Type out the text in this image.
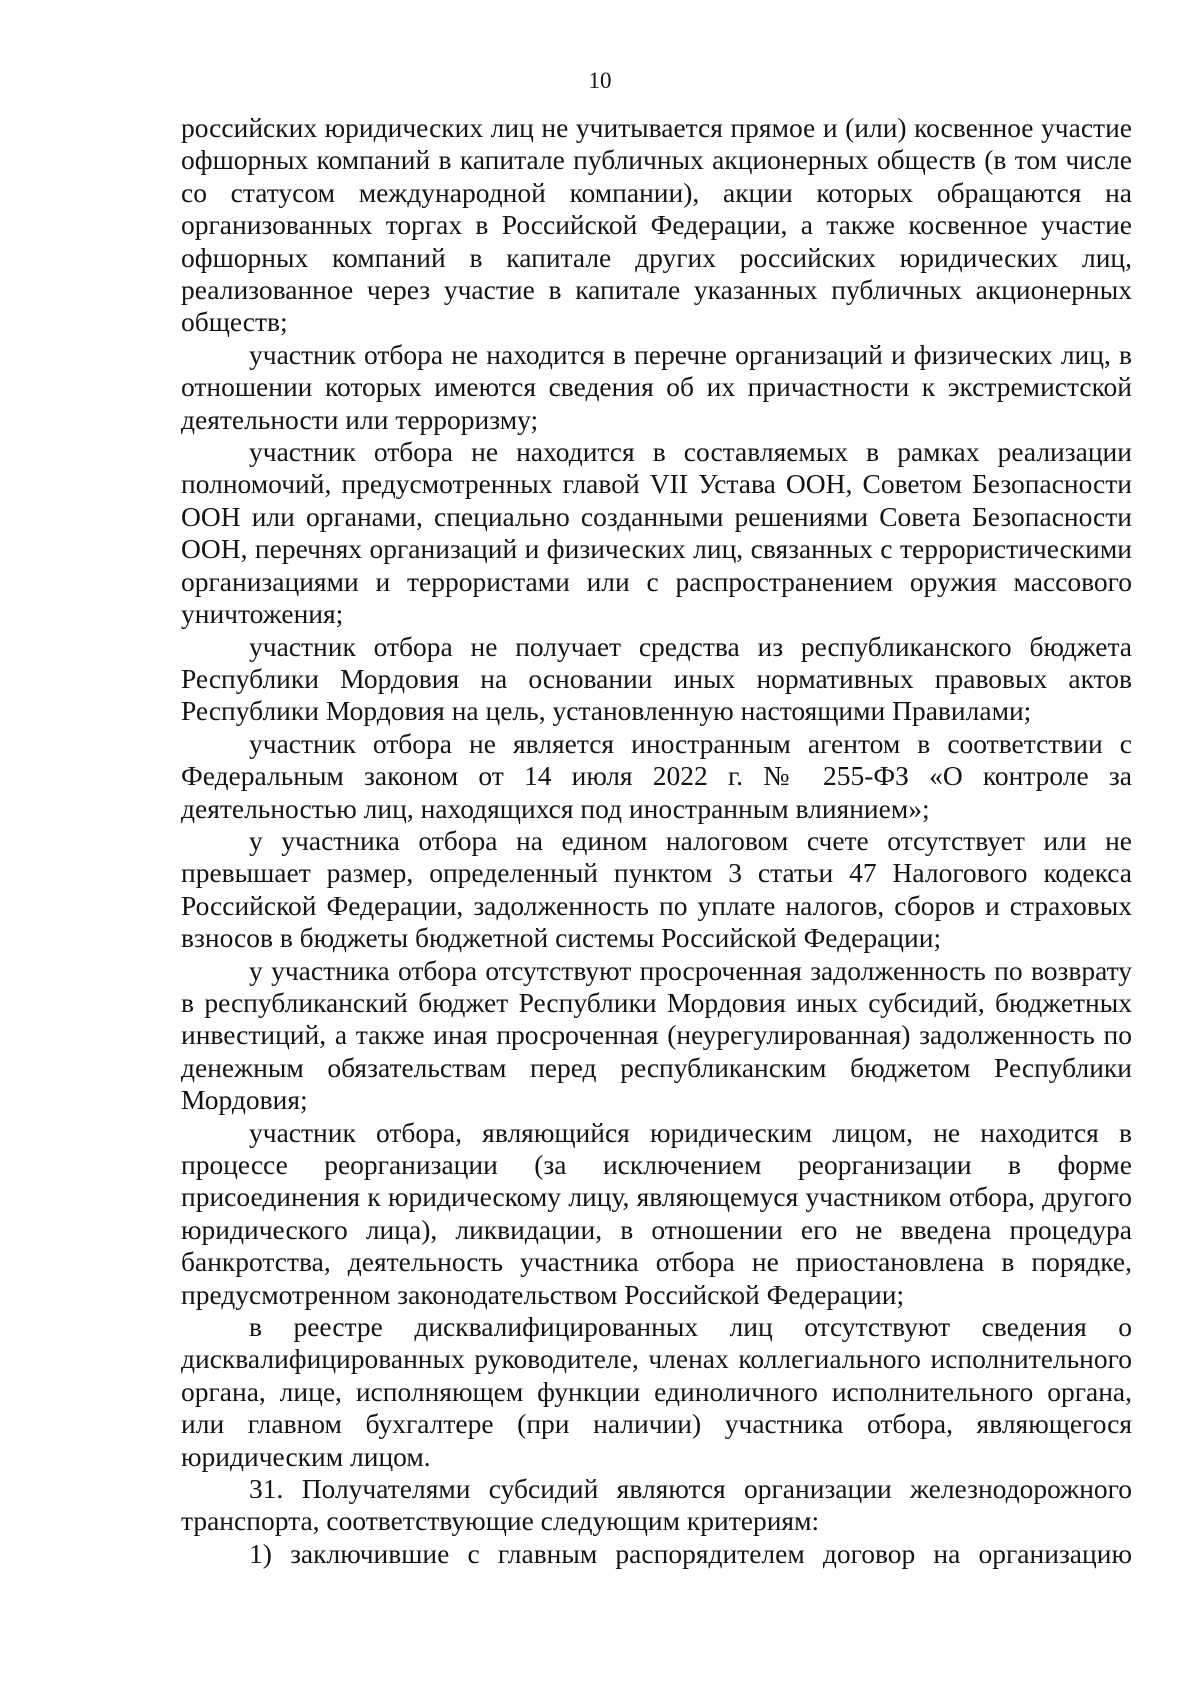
10

российских юридических лиц не учитывается прямое и (или) косвенное участие офшорных компаний в капитале публичных акционерных обществ (в том числе со статусом международной компании), акции которых обращаются на организованных торгах в Российской Федерации, а также косвенное участие офшорных компаний в капитале других российских юридических лиц, реализованное через участие в капитале указанных публичных акционерных обществ;

участник отбора не находится в перечне организаций и физических лиц, в отношении которых имеются сведения об их причастности к экстремистской деятельности или терроризму;

участник отбора не находится в составляемых в рамках реализации полномочий, предусмотренных главой VII Устава ООН, Советом Безопасности ООН или органами, специально созданными решениями Совета Безопасности ООН, перечнях организаций и физических лиц, связанных с террористическими организациями и террористами или с распространением оружия массового уничтожения;

участник отбора не получает средства из республиканского бюджета Республики Мордовия на основании иных нормативных правовых актов Республики Мордовия на цель, установленную настоящими Правилами;

участник отбора не является иностранным агентом в соответствии с Федеральным законом от 14 июля 2022 г. № 255-ФЗ «О контроле за деятельностью лиц, находящихся под иностранным влиянием»;

у участника отбора на едином налоговом счете отсутствует или не превышает размер, определенный пунктом 3 статьи 47 Налогового кодекса Российской Федерации, задолженность по уплате налогов, сборов и страховых взносов в бюджеты бюджетной системы Российской Федерации;

у участника отбора отсутствуют просроченная задолженность по возврату в республиканский бюджет Республики Мордовия иных субсидий, бюджетных инвестиций, а также иная просроченная (неурегулированная) задолженность по денежным обязательствам перед республиканским бюджетом Республики Мордовия;

участник отбора, являющийся юридическим лицом, не находится в процессе реорганизации (за исключением реорганизации в форме присоединения к юридическому лицу, являющемуся участником отбора, другого юридического лица), ликвидации, в отношении его не введена процедура банкротства, деятельность участника отбора не приостановлена в порядке, предусмотренном законодательством Российской Федерации;

в реестре дисквалифицированных лиц отсутствуют сведения о дисквалифицированных руководителе, членах коллегиального исполнительного органа, лице, исполняющем функции единоличного исполнительного органа, или главном бухгалтере (при наличии) участника отбора, являющегося юридическим лицом.

31. Получателями субсидий являются организации железнодорожного транспорта, соответствующие следующим критериям:

1) заключившие с главным распорядителем договор на организацию
